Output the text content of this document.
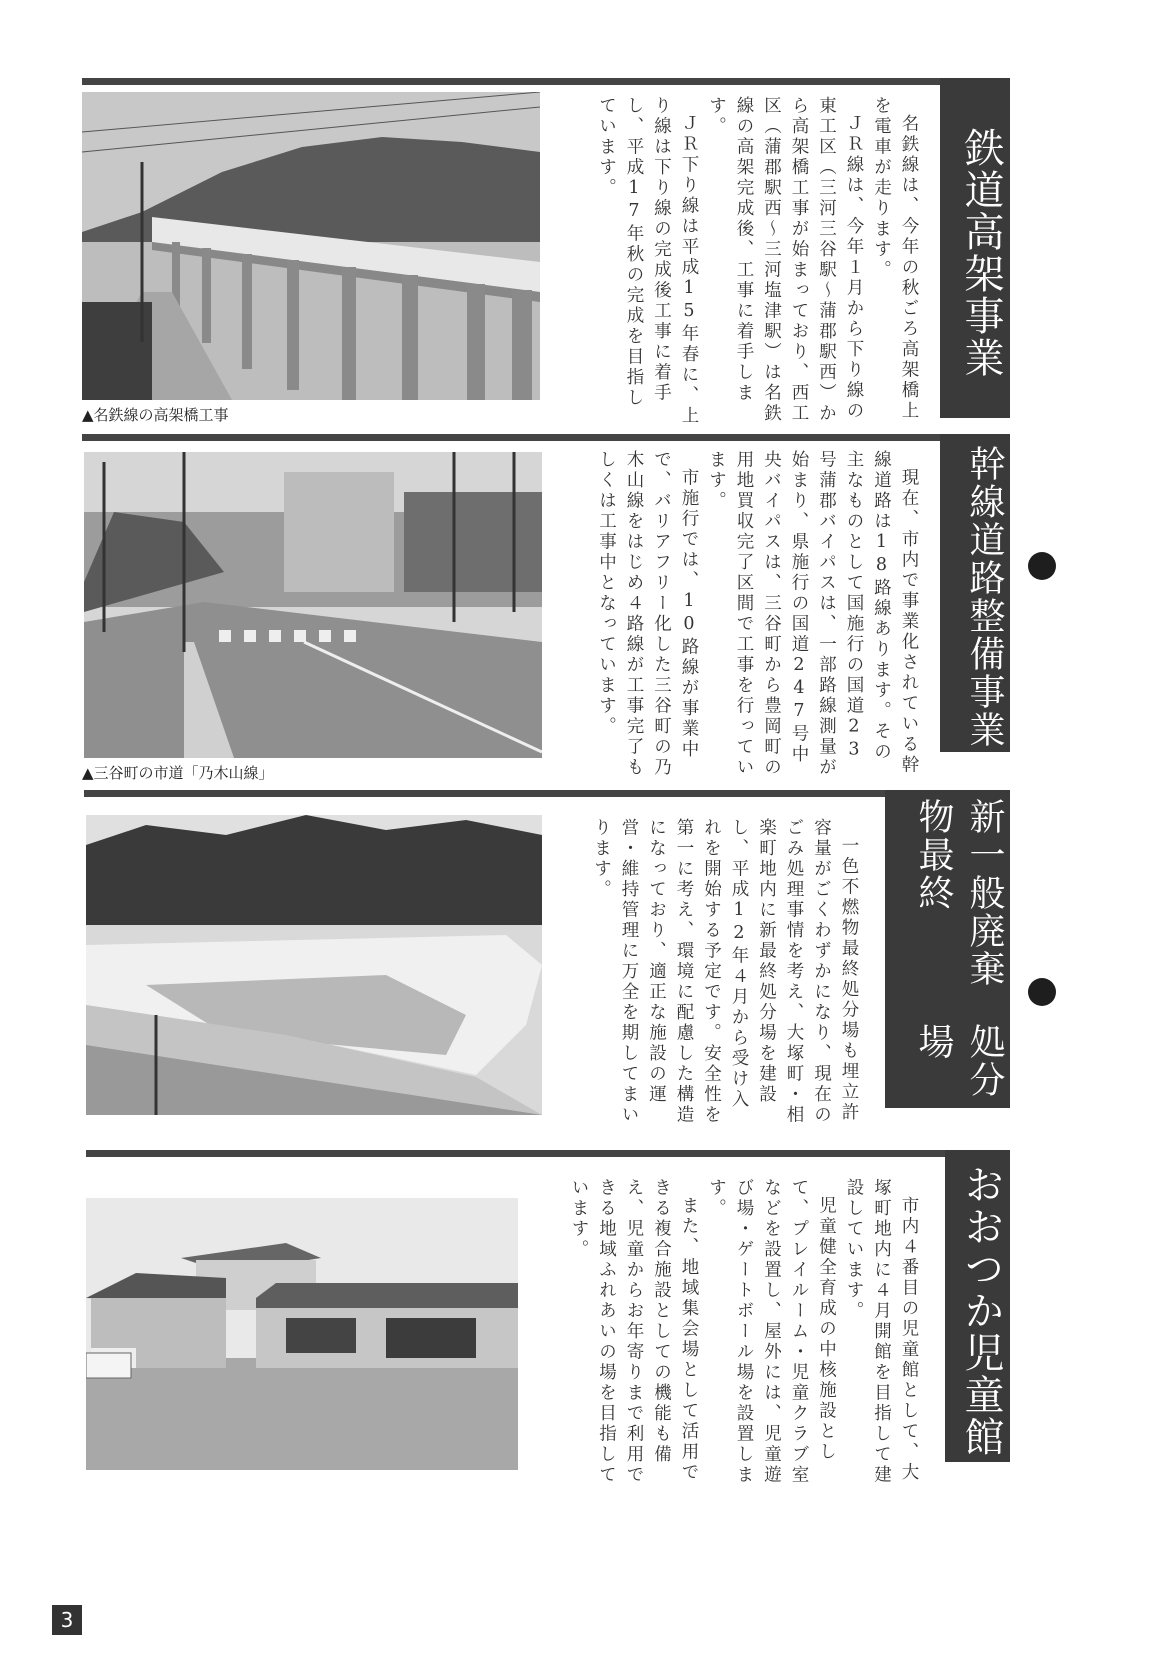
鉄道高架事業
▲名鉄線の高架橋工事	名鉄線は、今年の秋ごろ高架橋上を電車が走ります。

ＪＲ線は、今年１月から下り線の東工区（三河三谷駅～蒲郡駅西）から高架橋工事が始まっており、西工区（蒲郡駅西～三河塩津駅）は名鉄線の高架完成後、工事に着手します。

ＪＲ下り線は平成15年春に、上り線は下り線の完成後工事に着手し、平成17年秋の完成を目指しています。

幹線道路整備事業
▲三谷町の市道「乃木山線」	現在、市内で事業化されている幹線道路は18路線あります。その主なものとして国施行の国道23号蒲郡バイパスは、一部路線測量が始まり、県施行の国道247号中央バイパスは、三谷町から豊岡町の用地買収完了区間で工事を行っています。

市施行では、10路線が事業中で、バリアフリー化した三谷町の乃木山線をはじめ４路線が工事完了もしくは工事中となっています。

新一般廃棄物最終
処分場

一色不燃物最終処分場も埋立許容量がごくわずかになり、現在のごみ処理事情を考え、大塚町・相楽町地内に新最終処分場を建設し、平成12年４月から受け入れを開始する予定です。安全性を第一に考え、環境に配慮した構造になっており、適正な施設の運営・維持管理に万全を期してまいります。

おおつか児童館

市内４番目の児童館として、大塚町地内に４月開館を目指して建設しています。

児童健全育成の中核施設として、プレイルーム・児童クラブ室などを設置し、屋外には、児童遊び場・ゲートボール場を設置します。

また、地域集会場として活用できる複合施設としての機能も備え、児童からお年寄りまで利用できる地域ふれあいの場を目指しています。

3
